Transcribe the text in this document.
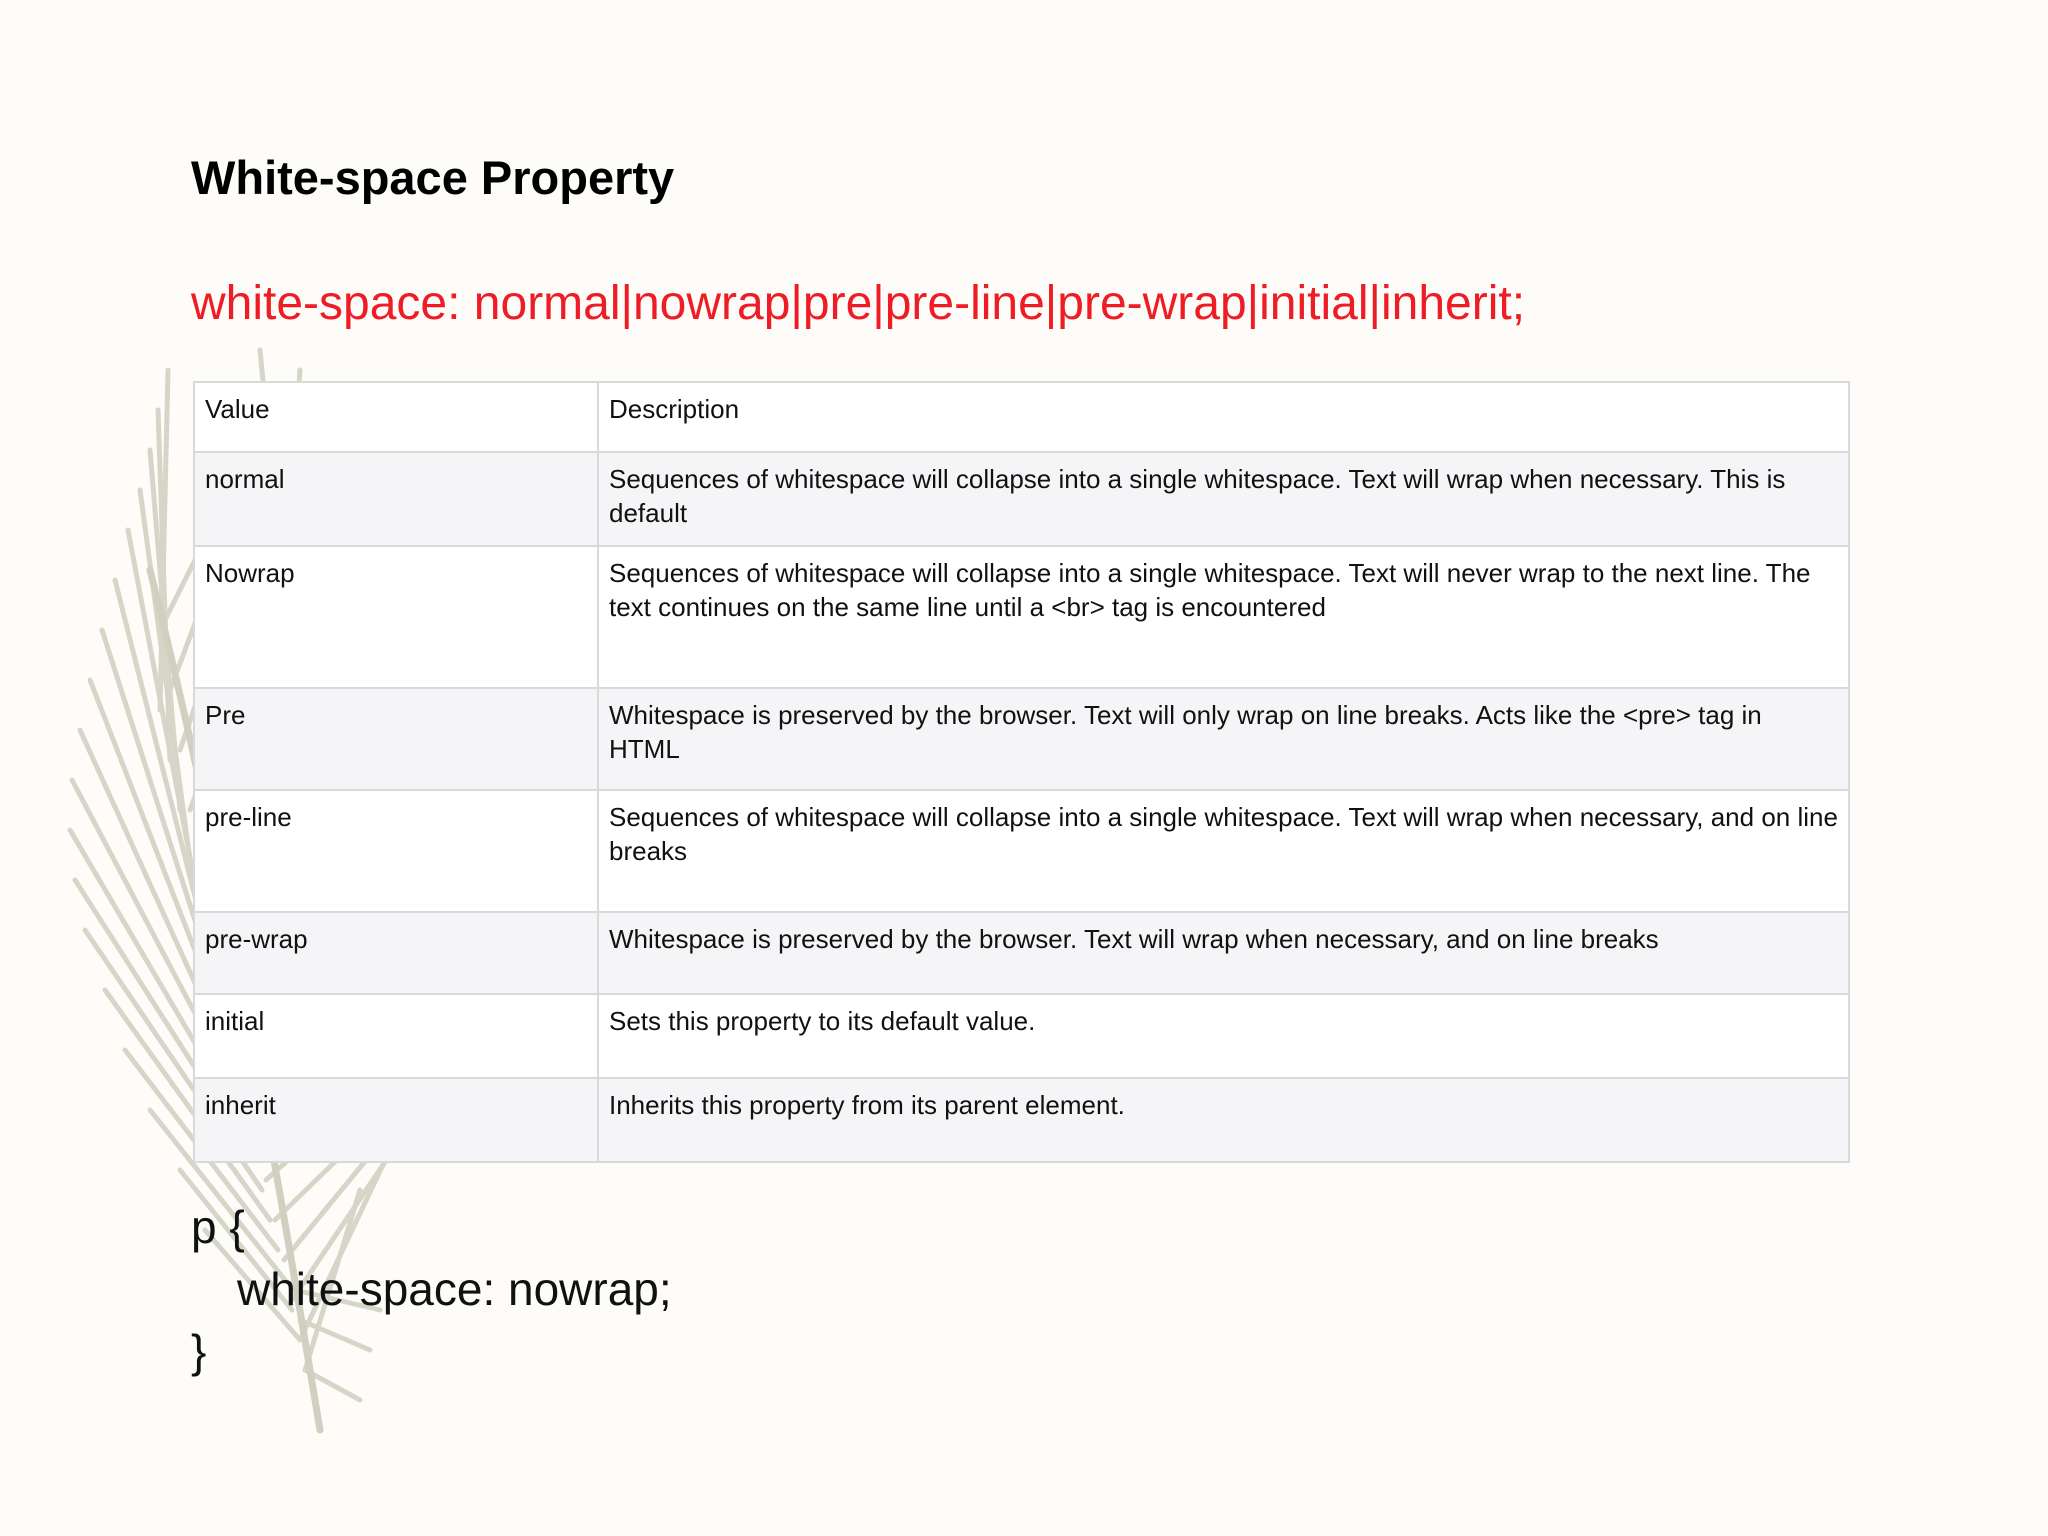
White-space Property

white-space: normal|nowrap|pre|pre-line|pre-wrap|initial|inherit;

Value	Description
normal	Sequences of whitespace will collapse into a single whitespace. Text will wrap when necessary. This is default
Nowrap	Sequences of whitespace will collapse into a single whitespace. Text will never wrap to the next line. The text continues on the same line until a <br> tag is encountered
Pre	Whitespace is preserved by the browser. Text will only wrap on line breaks. Acts like the <pre> tag in HTML
pre-line	Sequences of whitespace will collapse into a single whitespace. Text will wrap when necessary, and on line breaks
pre-wrap	Whitespace is preserved by the browser. Text will wrap when necessary, and on line breaks
initial	Sets this property to its default value.
inherit	Inherits this property from its parent element.
p {
white-space: nowrap;
}
